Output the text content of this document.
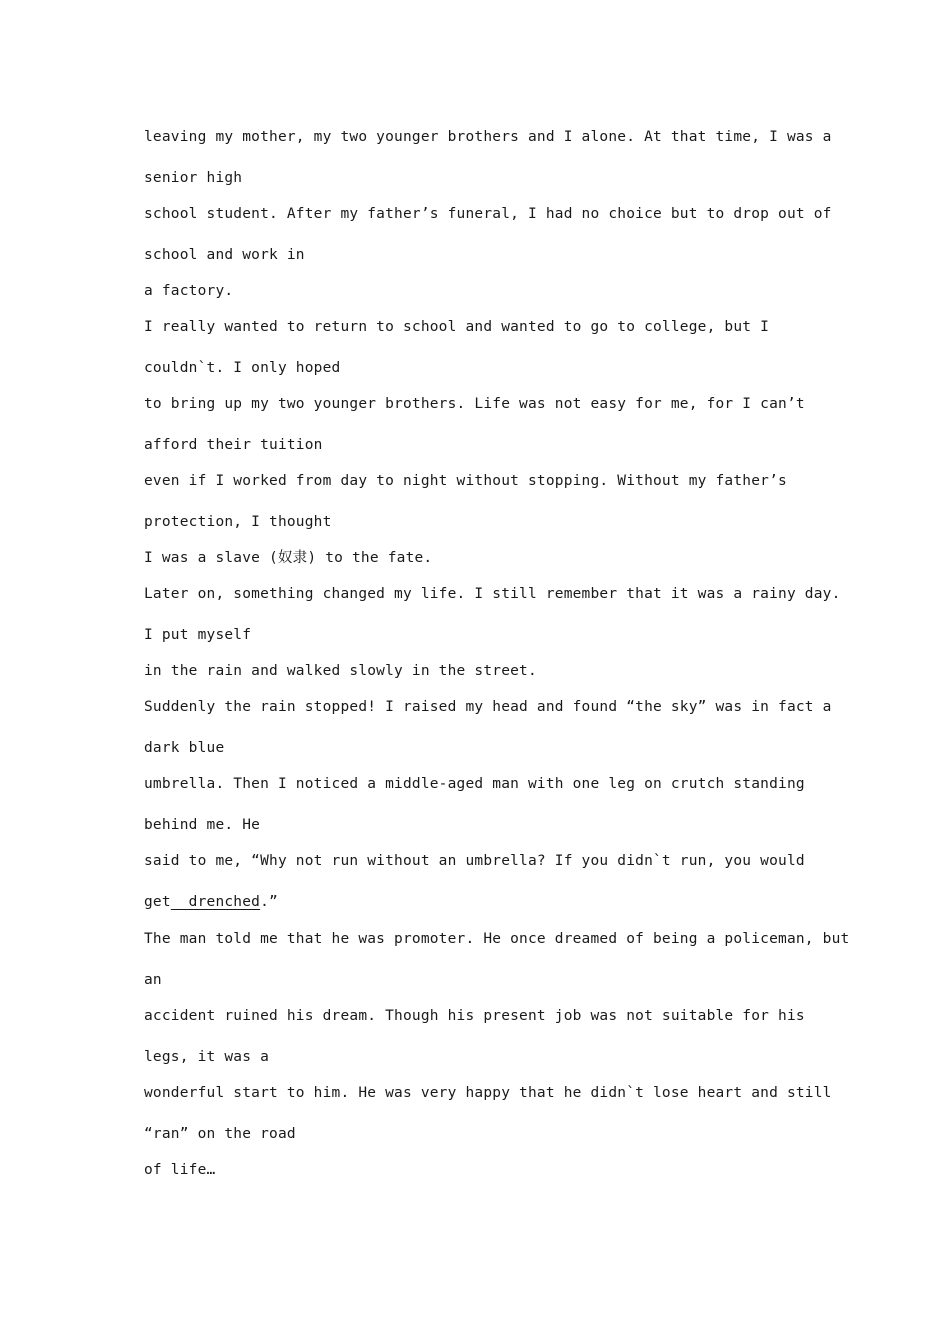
leaving my mother, my two younger brothers and I alone. At that time, I was a
senior high
school student. After my father’s funeral, I had no choice but to drop out of
school and work in
a factory.
I really wanted to return to school and wanted to go to college, but I
couldn`t. I only hoped
to bring up my two younger brothers. Life was not easy for me, for I can’t
afford their tuition
even if I worked from day to night without stopping. Without my father’s
protection, I thought
I was a slave (奴隶) to the fate.
Later on, something changed my life. I still remember that it was a rainy day.
I put myself
in the rain and walked slowly in the street.
Suddenly the rain stopped! I raised my head and found “the sky” was in fact a
dark blue
umbrella. Then I noticed a middle-aged man with one leg on crutch standing
behind me. He
said to me, “Why not run without an umbrella? If you didn`t run, you would
get  drenched.”
The man told me that he was promoter. He once dreamed of being a policeman, but
an
accident ruined his dream. Though his present job was not suitable for his
legs, it was a
wonderful start to him. He was very happy that he didn`t lose heart and still
“ran” on the road
of life…
